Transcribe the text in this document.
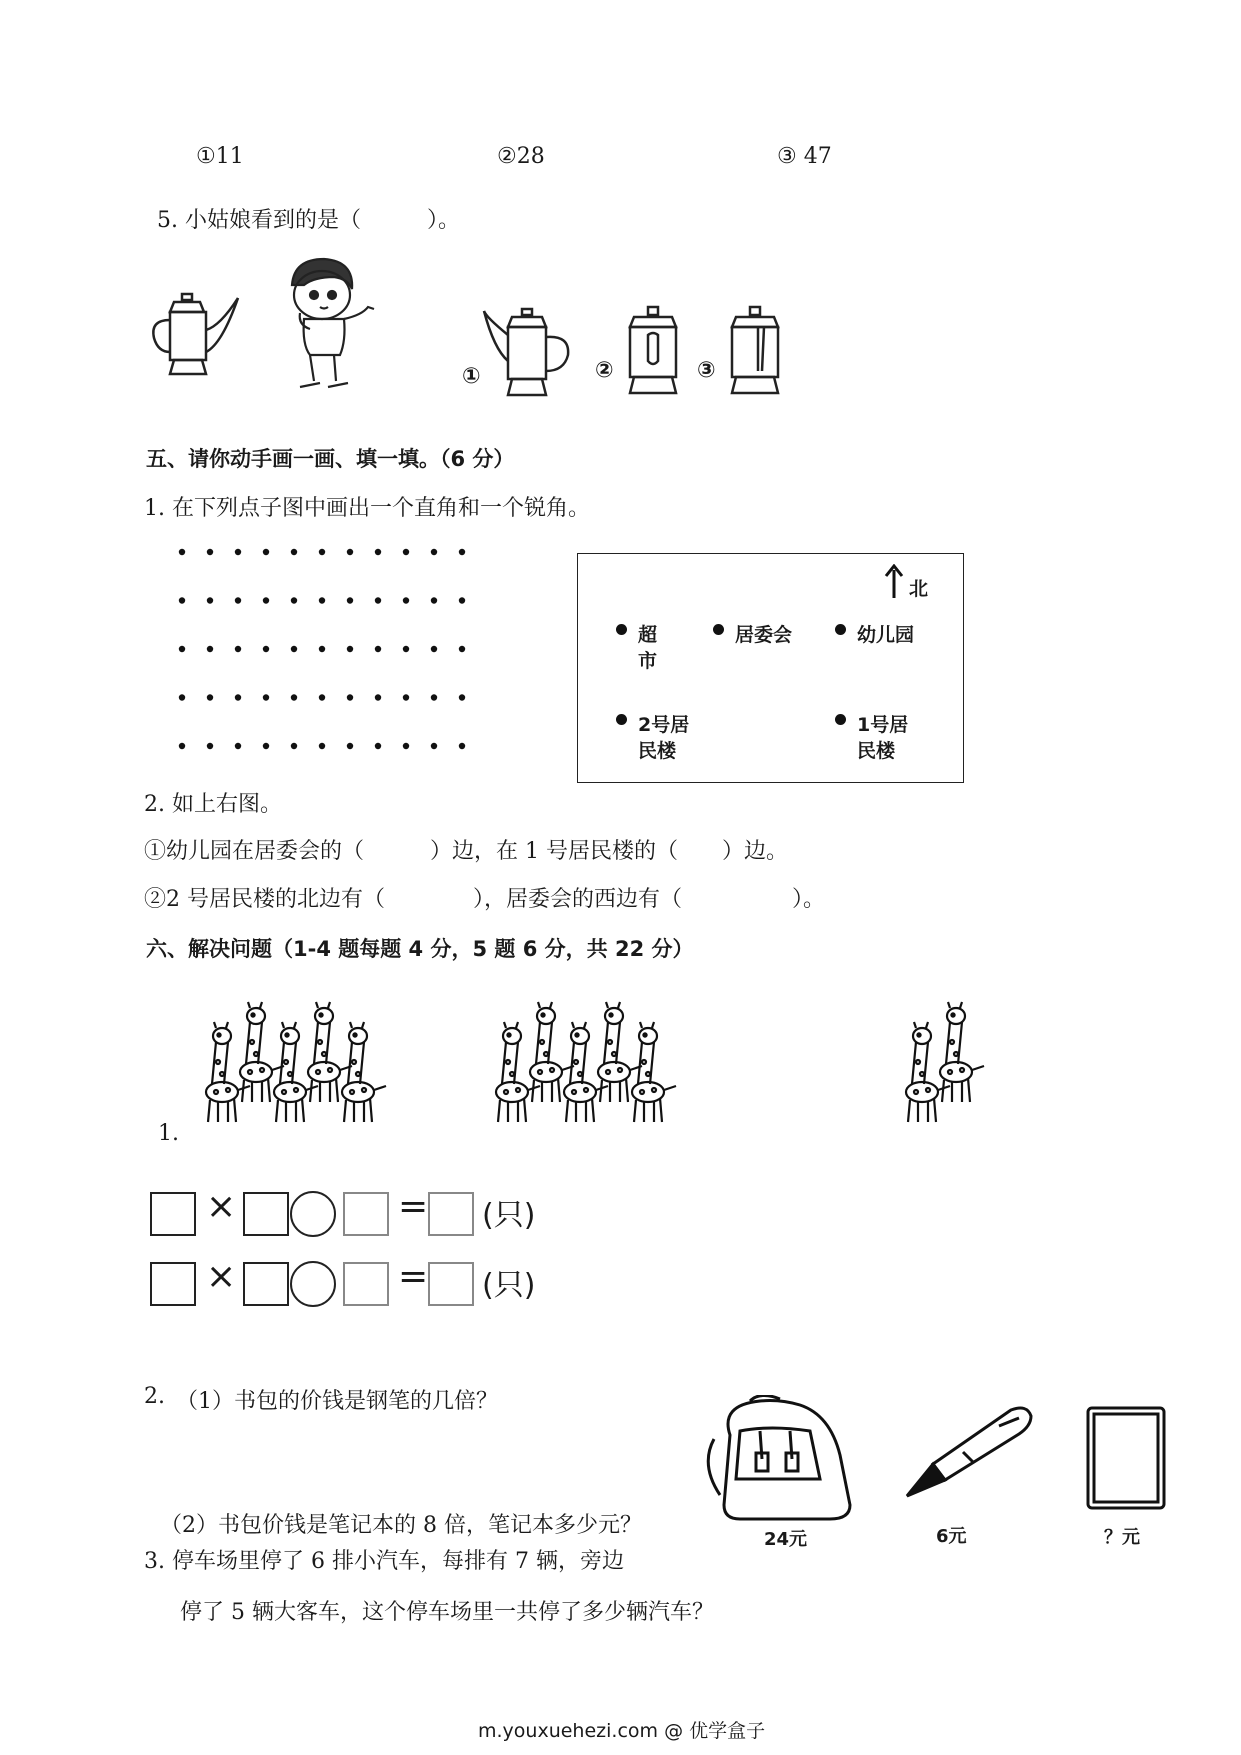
①11	②28	③ 47
5. 小姑娘看到的是（　　　）。
①	②	③
五、请你动手画一画、填一填。（6 分）
1. 在下列点子图中画出一个直角和一个锐角。
北
超市
居委会	幼儿园
2号居民楼
1号居民楼
2. 如上右图。
①幼儿园在居委会的（　　　）边，在 1 号居民楼的（　　）边。
②2 号居民楼的北边有（　　　　），居委会的西边有（　　　　　）。
六、解决问题（1-4 题每题 4 分，5 题 6 分，共 22 分）
1.
×	= (只)
×	= (只)
2. （1）书包的价钱是钢笔的几倍？
（2）书包价钱是笔记本的 8 倍，笔记本多少元？
24元	6元	？元
3. 停车场里停了 6 排小汽车，每排有 7 辆，旁边
停了 5 辆大客车，这个停车场里一共停了多少辆汽车？
m.youxuehezi.com @ 优学盒子
